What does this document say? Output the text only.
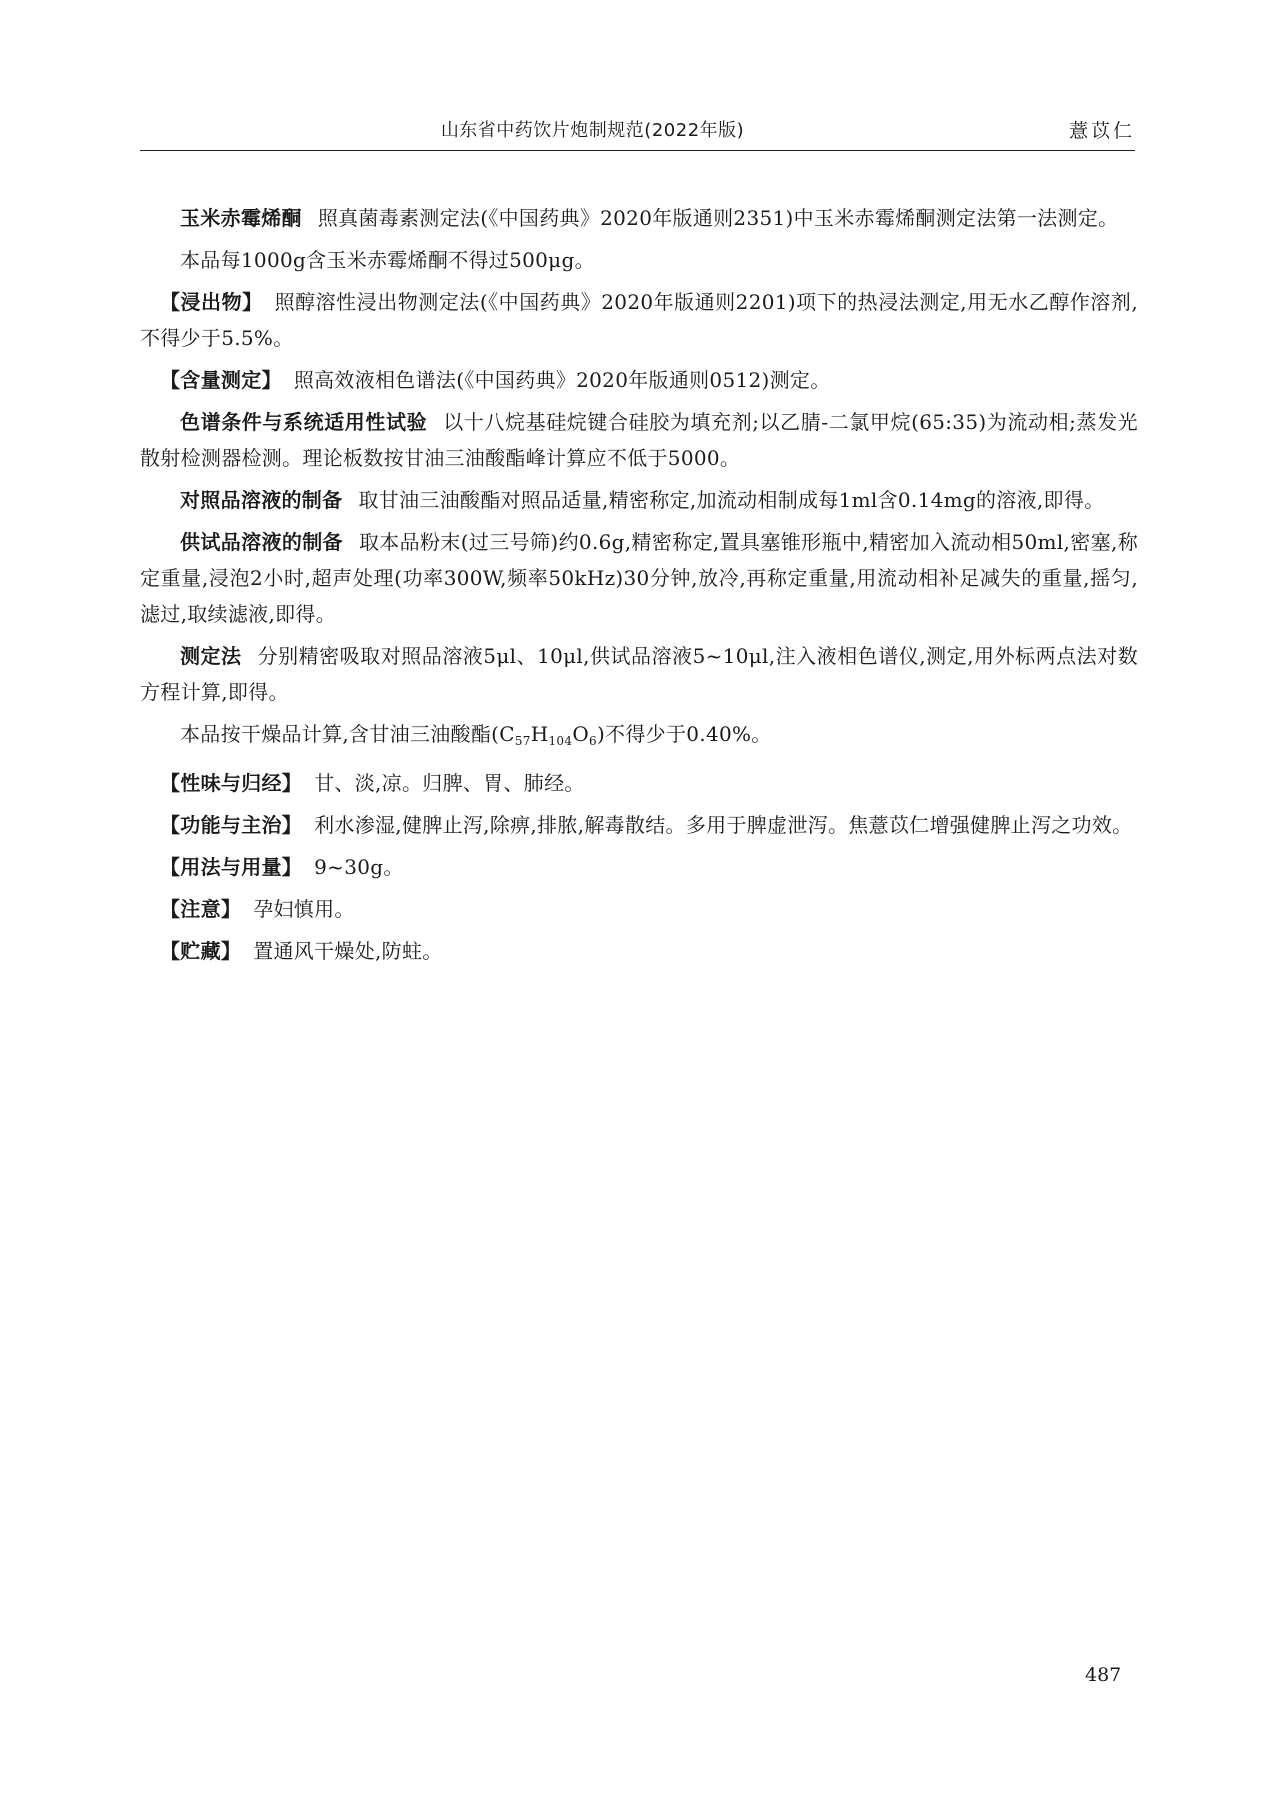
山东省中药饮片炮制规范(2022年版)	薏苡仁

玉米赤霉烯酮 照真菌毒素测定法(《中国药典》2020年版通则2351)中玉米赤霉烯酮测定法第一法测定。

本品每1000g含玉米赤霉烯酮不得过500μg。

【浸出物】 照醇溶性浸出物测定法(《中国药典》2020年版通则2201)项下的热浸法测定,用无水乙醇作溶剂,不得少于5.5%。

【含量测定】 照高效液相色谱法(《中国药典》2020年版通则0512)测定。

色谱条件与系统适用性试验 以十八烷基硅烷键合硅胶为填充剂;以乙腈-二氯甲烷(65:35)为流动相;蒸发光散射检测器检测。理论板数按甘油三油酸酯峰计算应不低于5000。

对照品溶液的制备 取甘油三油酸酯对照品适量,精密称定,加流动相制成每1ml含0.14mg的溶液,即得。

供试品溶液的制备 取本品粉末(过三号筛)约0.6g,精密称定,置具塞锥形瓶中,精密加入流动相50ml,密塞,称定重量,浸泡2小时,超声处理(功率300W,频率50kHz)30分钟,放冷,再称定重量,用流动相补足减失的重量,摇匀,滤过,取续滤液,即得。

测定法 分别精密吸取对照品溶液5μl、10μl,供试品溶液5~10μl,注入液相色谱仪,测定,用外标两点法对数方程计算,即得。

本品按干燥品计算,含甘油三油酸酯$(C_{57}H_{104}O_6)$不得少于0.40%。

【性味与归经】 甘、淡,凉。归脾、胃、肺经。

【功能与主治】 利水渗湿,健脾止泻,除痹,排脓,解毒散结。多用于脾虚泄泻。焦薏苡仁增强健脾止泻之功效。

【用法与用量】 9~30g。

【注意】 孕妇慎用。

【贮藏】 置通风干燥处,防蛀。

487
